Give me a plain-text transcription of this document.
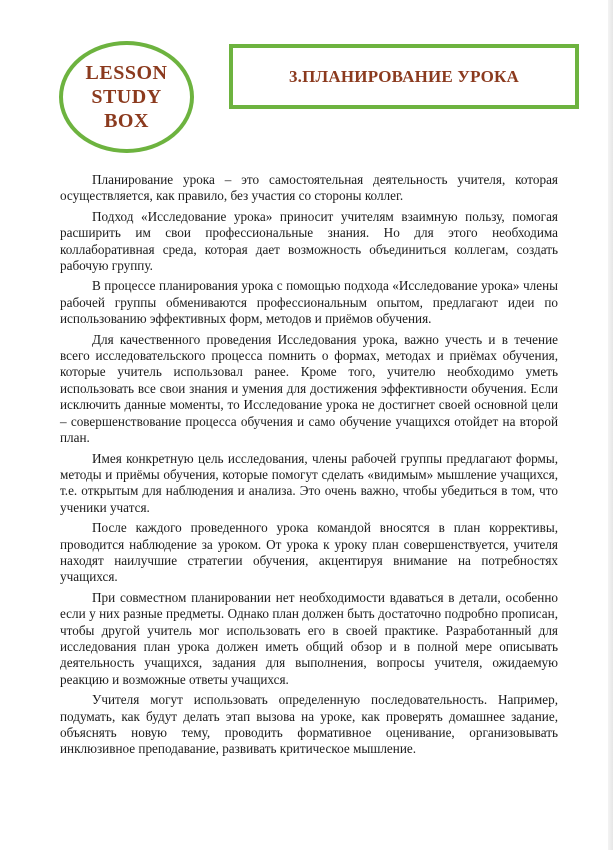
LESSON
STUDY
BOX
3.ПЛАНИРОВАНИЕ УРОКА

Планирование урока – это самостоятельная деятельность учителя, которая осуществляется, как правило, без участия со стороны коллег.

Подход «Исследование урока» приносит учителям взаимную пользу, помогая расширить им свои профессиональные знания. Но для этого необходима коллаборативная среда, которая дает возможность объединиться коллегам, создать рабочую группу.

В процессе планирования урока с помощью подхода «Исследование урока» члены рабочей группы обмениваются профессиональным опытом, предлагают идеи по использованию эффективных форм, методов и приёмов обучения.

Для качественного проведения Исследования урока, важно учесть и в течение всего исследовательского процесса помнить о формах, методах и приёмах обучения, которые учитель использовал ранее. Кроме того, учителю необходимо уметь использовать все свои знания и умения для достижения эффективности обучения. Если исключить данные моменты, то Исследование урока не достигнет своей основной цели – совершенствование процесса обучения и само обучение учащихся отойдет на второй план.

Имея конкретную цель исследования, члены рабочей группы предлагают формы, методы и приёмы обучения, которые помогут сделать «видимым» мышление учащихся, т.е. открытым для наблюдения и анализа. Это очень важно, чтобы убедиться в том, что ученики учатся.

После каждого проведенного урока командой вносятся в план коррективы, проводится наблюдение за уроком. От урока к уроку план совершенствуется, учителя находят наилучшие стратегии обучения, акцентируя внимание на потребностях учащихся.

При совместном планировании нет необходимости вдаваться в детали, особенно если у них разные предметы. Однако план должен быть достаточно подробно прописан, чтобы другой учитель мог использовать его в своей практике. Разработанный для исследования план урока должен иметь общий обзор и в полной мере описывать деятельность учащихся, задания для выполнения, вопросы учителя, ожидаемую реакцию и возможные ответы учащихся.

Учителя могут использовать определенную последовательность. Например, подумать, как будут делать этап вызова на уроке, как проверять домашнее задание, объяснять новую тему, проводить формативное оценивание, организовывать инклюзивное преподавание, развивать критическое мышление.
